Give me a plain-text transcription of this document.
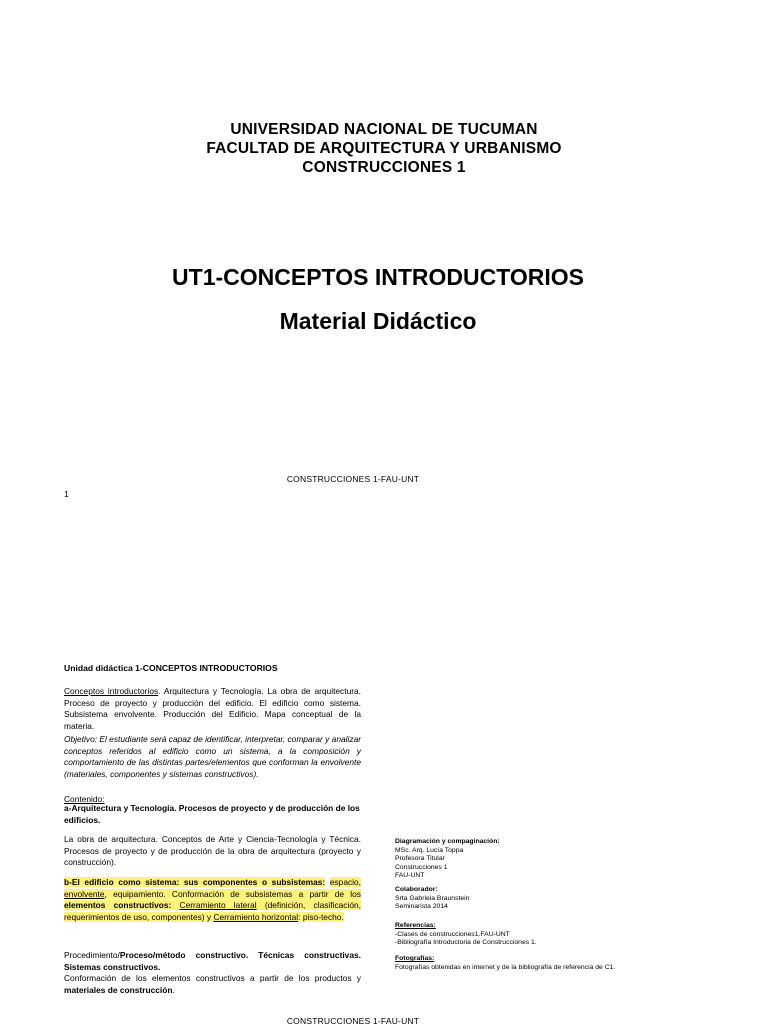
UNIVERSIDAD NACIONAL DE TUCUMAN
FACULTAD DE ARQUITECTURA Y URBANISMO
CONSTRUCCIONES 1
UT1-CONCEPTOS INTRODUCTORIOS
Material Didáctico
CONSTRUCCIONES 1-FAU-UNT
1
Unidad didáctica 1-CONCEPTOS INTRODUCTORIOS
Conceptos introductorios. Arquitectura y Tecnología. La obra de arquitectura. Proceso de proyecto y producción del edificio. El edificio como sistema. Subsistema envolvente. Producción del Edificio. Mapa conceptual de la materia.
Objetivo: El estudiante será capaz de identificar, interpretar, comparar y analizar conceptos referidos al edificio como un sistema, a la composición y comportamiento de las distintas partes/elementos que conforman la envolvente (materiales, componentes y sistemas constructivos).
Contenido:
a-Arquitectura y Tecnología. Procesos de proyecto y de producción de los edificios.
La obra de arquitectura. Conceptos de Arte y Ciencia-Tecnología y Técnica. Procesos de proyecto y de producción de la obra de arquitectura (proyecto y construcción).
b-El edificio como sistema: sus componentes o subsistemas: espacio, envolvente, equipamiento. Conformación de subsistemas a partir de los elementos constructivos: Cerramiento lateral (definición, clasificación, requerimientos de uso, componentes) y Cerramiento horizontal: piso-techo.
Procedimiento/Proceso/método constructivo. Técnicas constructivas. Sistemas constructivos.
Conformación de los elementos constructivos a partir de los productos y materiales de construcción.
Diagramación y compaginación:
MSc. Arq. Lucía Toppa
Profesora Titular
Construcciones 1
FAU-UNT
Colaborador:
Srta Gabriela Braunstein
Seminarista 2014
Referencias:
-Clases de construcciones1.FAU-UNT
-Bibliografía Introductoria de Construcciones 1.
Fotografías:
Fotografías obtenidas en internet y de la bibliografía de referencia de C1.
CONSTRUCCIONES 1-FAU-UNT
